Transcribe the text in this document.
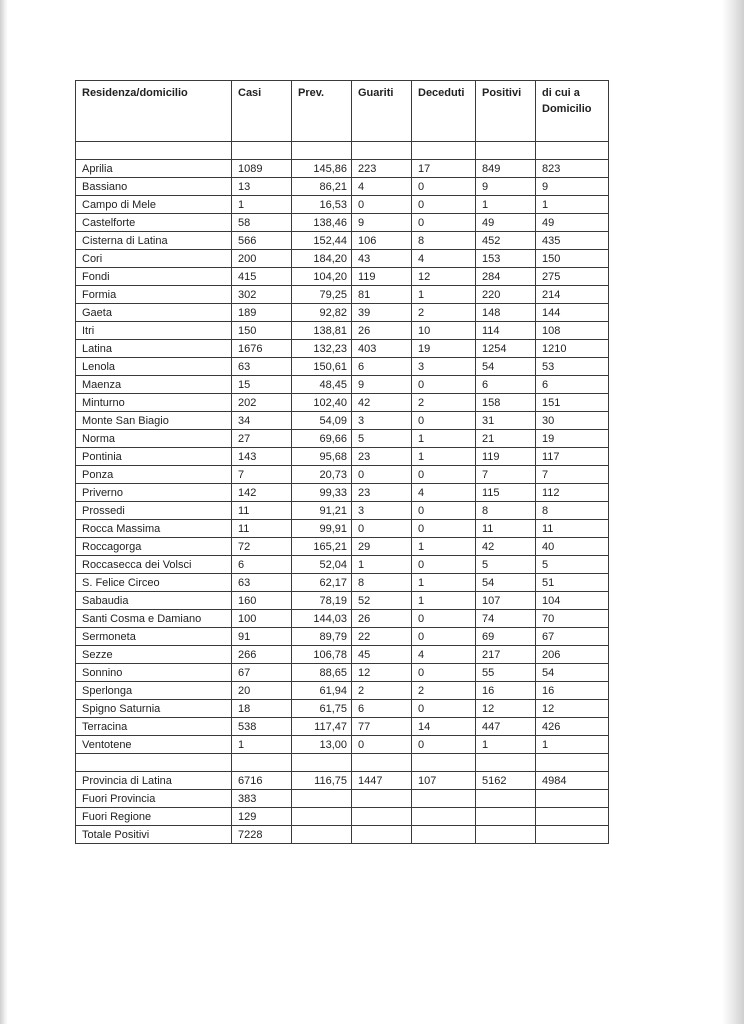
Residenza/domicilio	Casi	Prev.	Guariti	Deceduti	Positivi	di cui a Domicilio

Aprilia	1089	145,86	223	17	849	823
Bassiano	13	86,21	4	0	9	9
Campo di Mele	1	16,53	0	0	1	1
Castelforte	58	138,46	9	0	49	49
Cisterna di Latina	566	152,44	106	8	452	435
Cori	200	184,20	43	4	153	150
Fondi	415	104,20	119	12	284	275
Formia	302	79,25	81	1	220	214
Gaeta	189	92,82	39	2	148	144
Itri	150	138,81	26	10	114	108
Latina	1676	132,23	403	19	1254	1210
Lenola	63	150,61	6	3	54	53
Maenza	15	48,45	9	0	6	6
Minturno	202	102,40	42	2	158	151
Monte San Biagio	34	54,09	3	0	31	30
Norma	27	69,66	5	1	21	19
Pontinia	143	95,68	23	1	119	117
Ponza	7	20,73	0	0	7	7
Priverno	142	99,33	23	4	115	112
Prossedi	11	91,21	3	0	8	8
Rocca Massima	11	99,91	0	0	11	11
Roccagorga	72	165,21	29	1	42	40
Roccasecca dei Volsci	6	52,04	1	0	5	5
S. Felice Circeo	63	62,17	8	1	54	51
Sabaudia	160	78,19	52	1	107	104
Santi Cosma e Damiano	100	144,03	26	0	74	70
Sermoneta	91	89,79	22	0	69	67
Sezze	266	106,78	45	4	217	206
Sonnino	67	88,65	12	0	55	54
Sperlonga	20	61,94	2	2	16	16
Spigno Saturnia	18	61,75	6	0	12	12
Terracina	538	117,47	77	14	447	426
Ventotene	1	13,00	0	0	1	1

Provincia di Latina	6716	116,75	1447	107	5162	4984
Fuori Provincia	383					
Fuori Regione	129					
Totale Positivi	7228					
